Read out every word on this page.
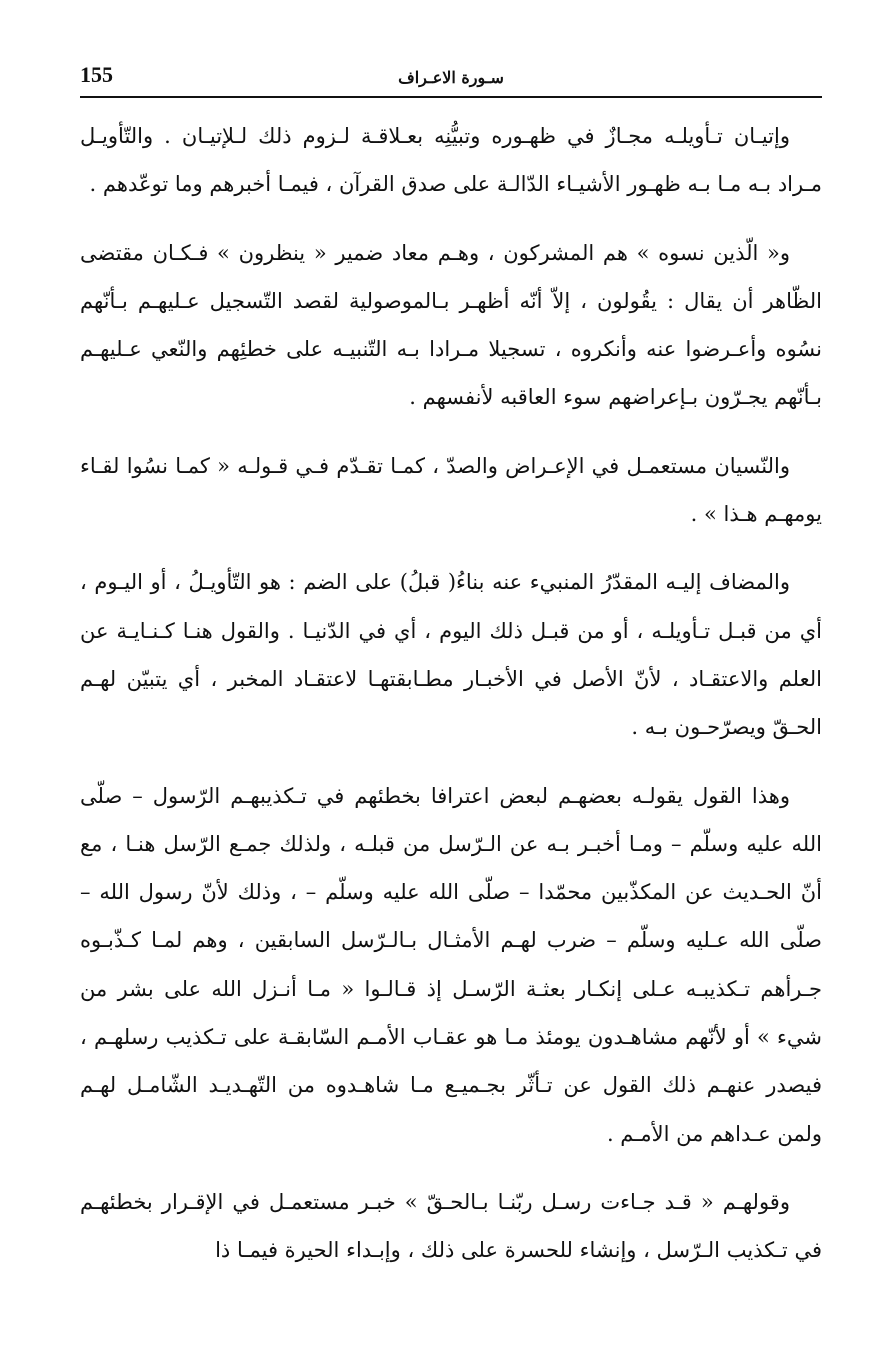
155	سـورة الاعـراف

وإتيـان تـأويلـه مجـازٌ في ظهـوره وتبيُّنِه بعـلاقـة لـزوم ذلك لـلإتيـان . والتّأويـل مـراد بـه مـا بـه ظهـور الأشيـاء الدّالـة على صدق القرآن ، فيمـا أخبرهم وما توعّدهم .

و« الّذين نسوه » هم المشركون ، وهـم معاد ضمير « ينظرون » فـكـان مقتضى الظّاهر أن يقال : يقُولون ، إلاّ أنّه أظهـر بـالموصولية لقصد التّسجيل عـليهـم بـأنّهم نسُوه وأعـرضوا عنه وأنكروه ، تسجيلا مـرادا بـه التّنبيـه على خطئِهم والنّعي عـليهـم بـأنّهم يجـرّون بـإعراضهم سوء العاقبه لأنفسهم .

والنّسيان مستعمـل في الإعـراض والصدّ ، كمـا تقـدّم فـي قـولـه « كمـا نسُوا لقـاء يومهـم هـذا » .

والمضاف إليـه المقدّرُ المنبيء عنه بناءُ( قبلُ) على الضم : هو التّأويـلُ ، أو اليـوم ، أي من قبـل تـأويلـه ، أو من قبـل ذلك اليوم ، أي في الدّنيـا . والقول هنـا كـنـايـة عن العلم والاعتقـاد ، لأنّ الأصل في الأخبـار مطـابقتهـا لاعتقـاد المخبر ، أي يتبيّن لهـم الحـقّ ويصرّحـون بـه .

وهذا القول يقولـه بعضهـم لبعض اعترافا بخطئهم في تـكذيبهـم الرّسول – صلّى الله عليه وسلّم – ومـا أخبـر بـه عن الـرّسل من قبلـه ، ولذلك جمـع الرّسل هنـا ، مع أنّ الحـديث عن المكذّبين محمّدا – صلّى الله عليه وسلّم – ، وذلك لأنّ رسول الله – صلّى الله عـليه وسلّم – ضرب لهـم الأمثـال بـالـرّسل السابقين ، وهم لمـا كـذّبـوه جـرأهم تـكذيبـه عـلى إنكـار بعثـة الرّسـل إذ قـالـوا « مـا أنـزل الله على بشر من شيء » أو لأنّهم مشاهـدون يومئذ مـا هو عقـاب الأمـم السّابقـة على تـكذيب رسلهـم ، فيصدر عنهـم ذلك القول عن تـأثّر بجـميـع مـا شاهـدوه من التّهـديـد الشّامـل لهـم ولمن عـداهم من الأمـم .

وقولهـم « قـد جـاءت رسـل ربّنـا بـالحـقّ » خبـر مستعمـل في الإقـرار بخطئهـم في تـكذيب الـرّسل ، وإنشاء للحسرة على ذلك ، وإبـداء الحيرة فيمـا ذا
